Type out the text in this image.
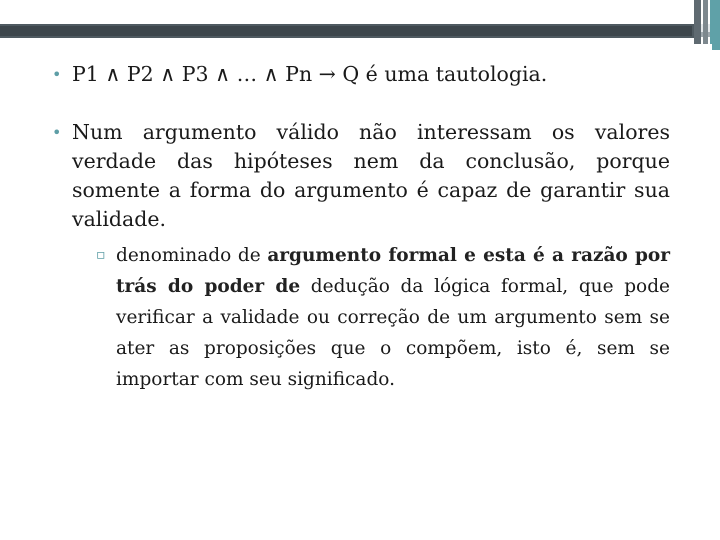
• P1 ∧ P2 ∧ P3 ∧ … ∧ Pn → Q é uma tautologia.
• Num argumento válido não interessam os valores verdade das hipóteses nem da conclusão, porque somente a forma do argumento é capaz de garantir sua validade.
▫ denominado de argumento formal e esta é a razão por trás do poder de dedução da lógica formal, que pode verificar a validade ou correção de um argumento sem se ater as proposições que o compõem, isto é, sem se importar com seu significado.
